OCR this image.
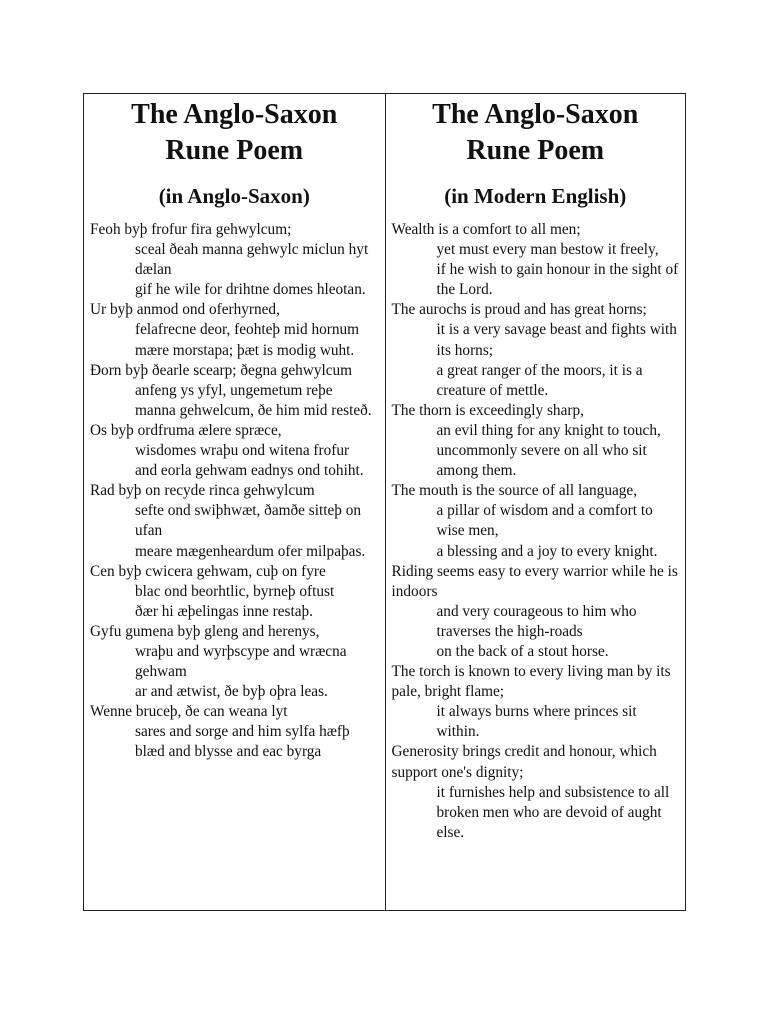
The Anglo-Saxon
Rune Poem
(in Anglo-Saxon)
Feoh byþ frofur fira gehwylcum;
sceal ðeah manna gehwylc miclun hyt dælan
gif he wile for drihtne domes hleotan.
Ur byþ anmod ond oferhyrned,
felafrecne deor, feohteþ mid hornum
mære morstapa; þæt is modig wuht.
Ðorn byþ ðearle scearp; ðegna gehwylcum
anfeng ys yfyl, ungemetum reþe
manna gehwelcum, ðe him mid resteð.
Os byþ ordfruma ælere spræce,
wisdomes wraþu ond witena frofur
and eorla gehwam eadnys ond tohiht.
Rad byþ on recyde rinca gehwylcum
sefte ond swiþhwæt, ðamðe sitteþ on ufan
meare mægenheardum ofer milpaþas.
Cen byþ cwicera gehwam, cuþ on fyre
blac ond beorhtlic, byrneþ oftust
ðær hi æþelingas inne restaþ.
Gyfu gumena byþ gleng and herenys,
wraþu and wyrþscype and wræcna gehwam
ar and ætwist, ðe byþ oþra leas.
Wenne bruceþ, ðe can weana lyt
sares and sorge and him sylfa hæfþ
blæd and blysse and eac byrga
The Anglo-Saxon
Rune Poem
(in Modern English)
Wealth is a comfort to all men;
yet must every man bestow it freely,
if he wish to gain honour in the sight of the Lord.
The aurochs is proud and has great horns;
it is a very savage beast and fights with its horns;
a great ranger of the moors, it is a creature of mettle.
The thorn is exceedingly sharp,
an evil thing for any knight to touch,
uncommonly severe on all who sit among them.
The mouth is the source of all language,
a pillar of wisdom and a comfort to wise men,
a blessing and a joy to every knight.
Riding seems easy to every warrior while he is indoors
and very courageous to him who traverses the high-roads
on the back of a stout horse.
The torch is known to every living man by its pale, bright flame;
it always burns where princes sit within.
Generosity brings credit and honour, which support one's dignity;
it furnishes help and subsistence to all broken men who are devoid of aught else.
